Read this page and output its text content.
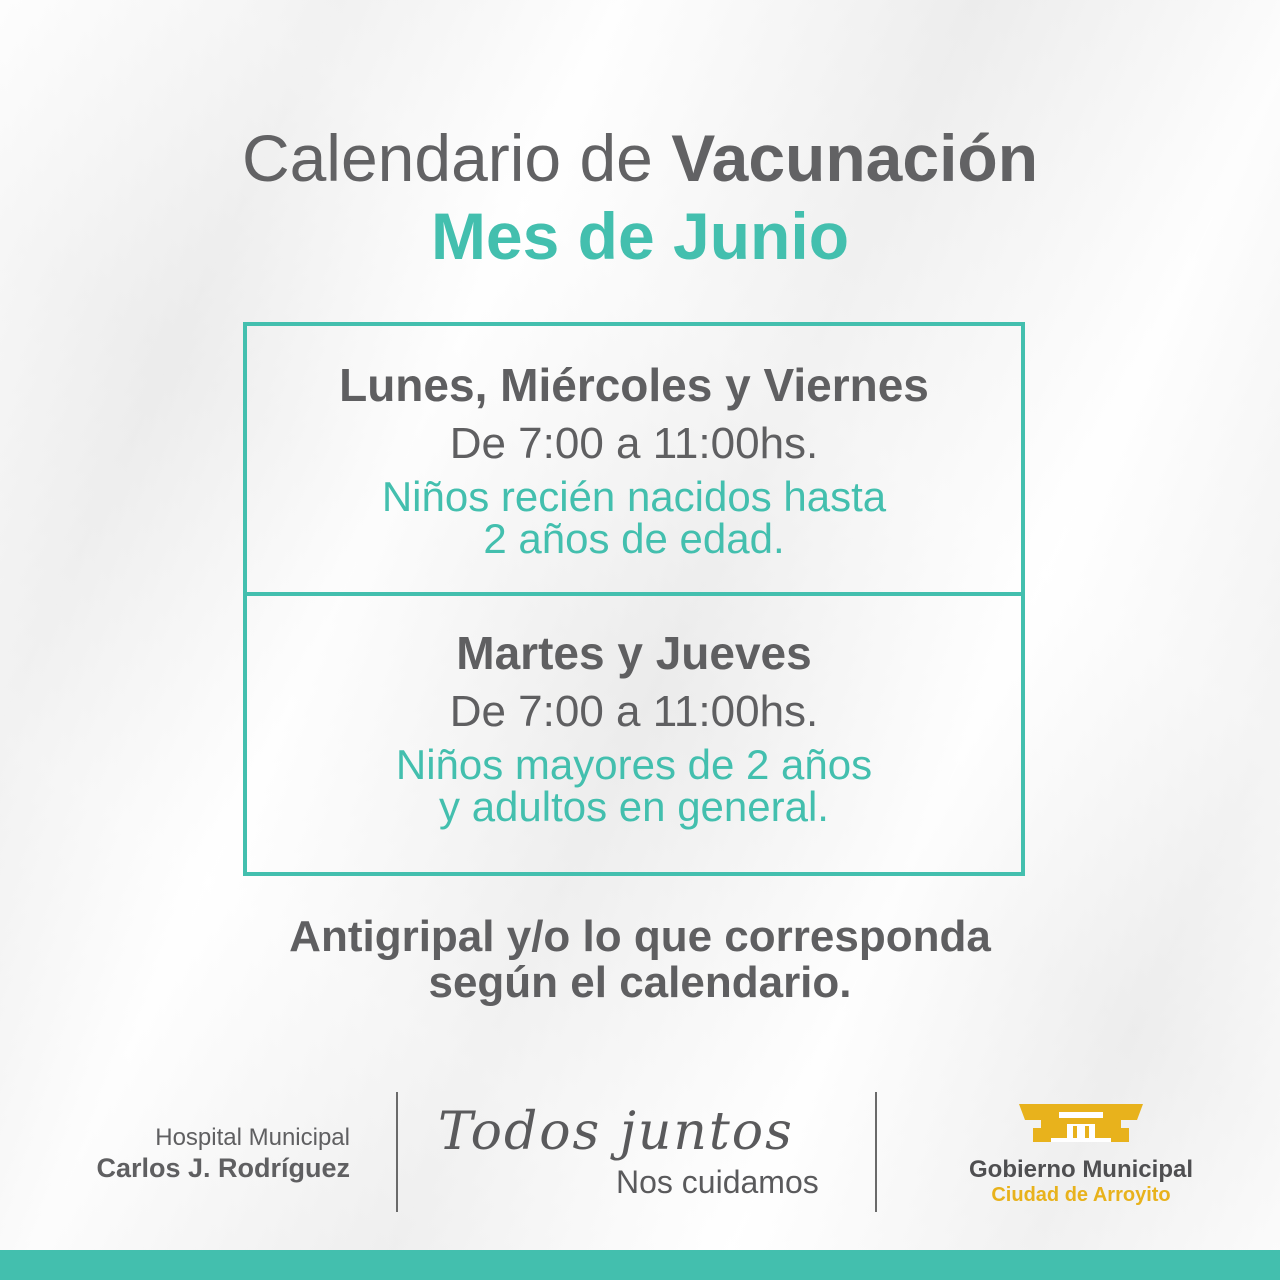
Calendario de Vacunación
Mes de Junio
Lunes, Miércoles y Viernes
De 7:00 a 11:00hs.
Niños recién nacidos hasta
2 años de edad.
Martes y Jueves
De 7:00 a 11:00hs.
Niños mayores de 2 años
y adultos en general.
Antigripal y/o lo que corresponda
según el calendario.
Hospital Municipal
Carlos J. Rodríguez
Todos juntos
Nos cuidamos	Gobierno Municipal
Ciudad de Arroyito
